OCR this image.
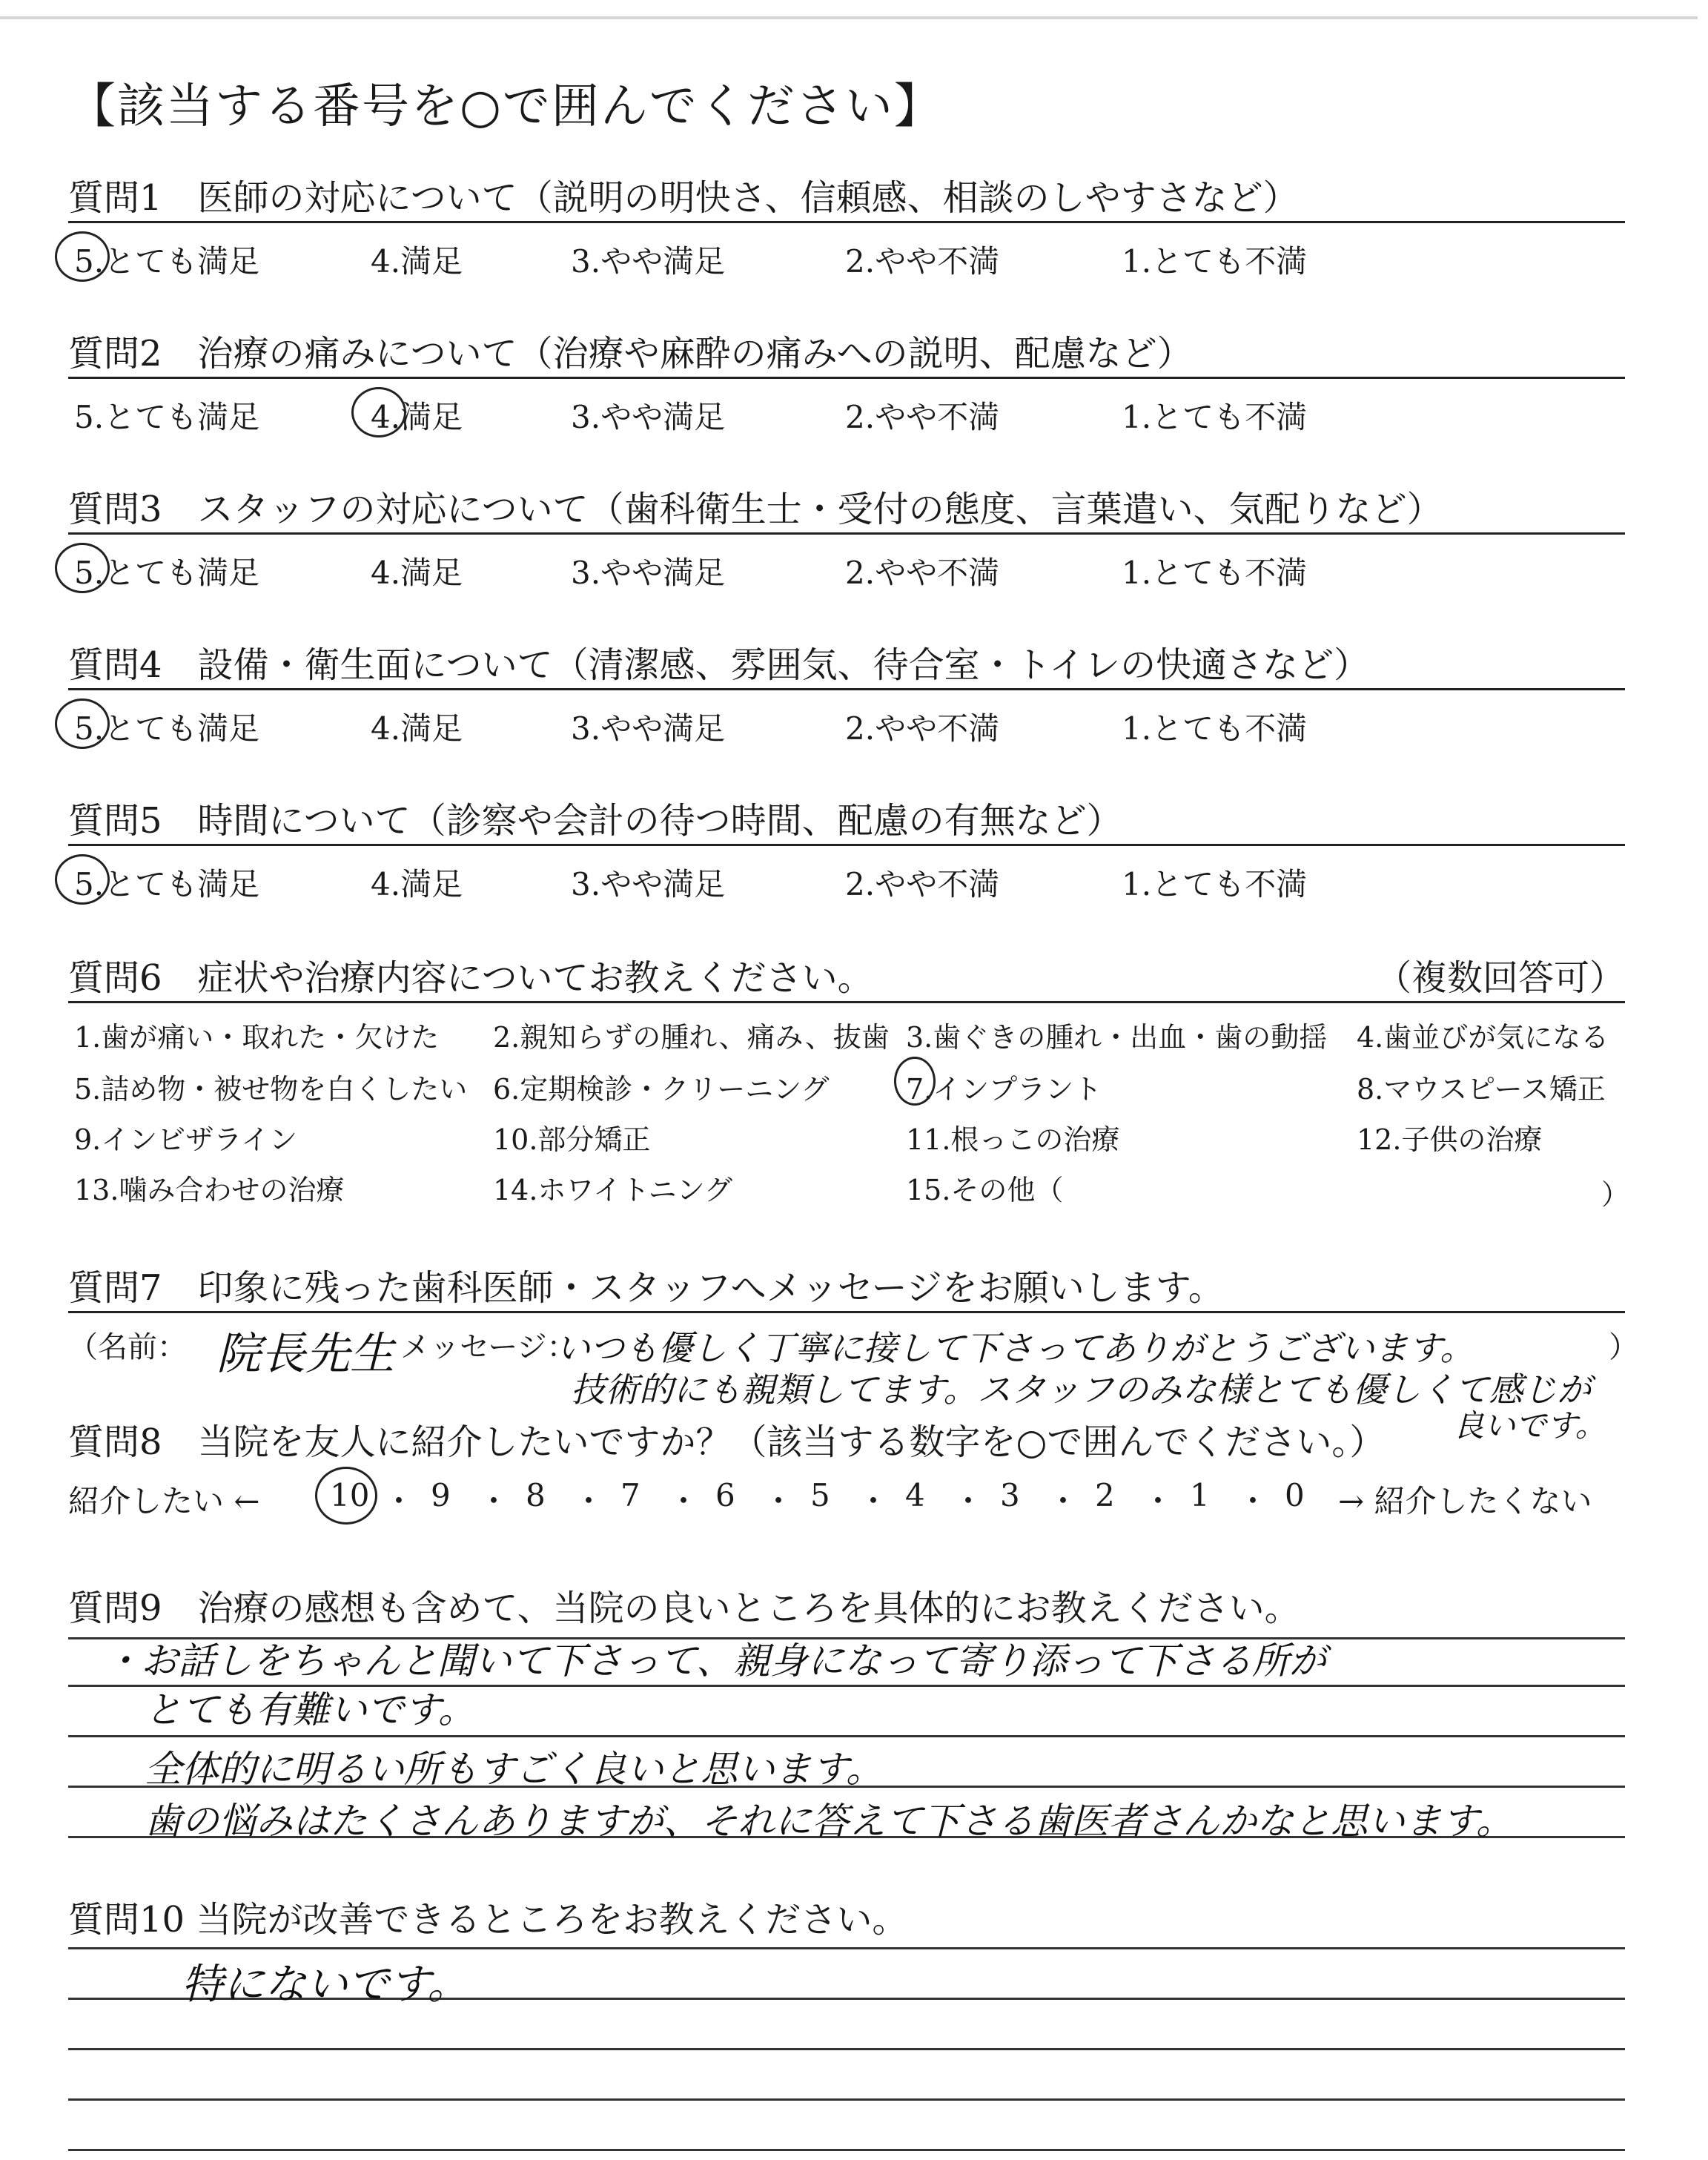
【該当する番号を○で囲んでください】
質問1　医師の対応について（説明の明快さ、信頼感、相談のしやすさなど）
5.とても満足	4.満足	3.やや満足	2.やや不満	1.とても不満
質問2　治療の痛みについて（治療や麻酔の痛みへの説明、配慮など）
5.とても満足	4.満足	3.やや満足	2.やや不満	1.とても不満
質問3　スタッフの対応について（歯科衛生士・受付の態度、言葉遣い、気配りなど）
5.とても満足	4.満足	3.やや満足	2.やや不満	1.とても不満
質問4　設備・衛生面について（清潔感、雰囲気、待合室・トイレの快適さなど）
5.とても満足	4.満足	3.やや満足	2.やや不満	1.とても不満
質問5　時間について（診察や会計の待つ時間、配慮の有無など）
5.とても満足	4.満足	3.やや満足	2.やや不満	1.とても不満
質問6　症状や治療内容についてお教えください。	（複数回答可）
1.歯が痛い・取れた・欠けた 2.親知らずの腫れ、痛み、抜歯 3.歯ぐきの腫れ・出血・歯の動揺 4.歯並びが気になる
5.詰め物・被せ物を白くしたい 6.定期検診・クリーニング	7.インプラント	8.マウスピース矯正
9.インビザライン	10.部分矯正	11.根っこの治療	12.子供の治療
13.噛み合わせの治療	14.ホワイトニング	15.その他（	）
質問7　印象に残った歯科医師・スタッフへメッセージをお願いします。
（名前： 院長先生 メッセージ：
いつも優しく丁寧に接して下さってありがとうございます。
技術的にも親類してます。スタッフのみな様とても優しくて感じが
良いです。
）
質問8　当院を友人に紹介したいですか？（該当する数字を○で囲んでください。）
紹介したい ← 10 ・ 9 ・ 8 ・ 7 ・ 6 ・ 5 ・ 4 ・ 3 ・ 2 ・ 1 ・ 0 → 紹介したくない
質問9　治療の感想も含めて、当院の良いところを具体的にお教えください。
・お話しをちゃんと聞いて下さって、親身になって寄り添って下さる所が
とても有難いです。
全体的に明るい所もすごく良いと思います。
歯の悩みはたくさんありますが、それに答えて下さる歯医者さんかなと思います。
質問10 当院が改善できるところをお教えください。
特にないです。
